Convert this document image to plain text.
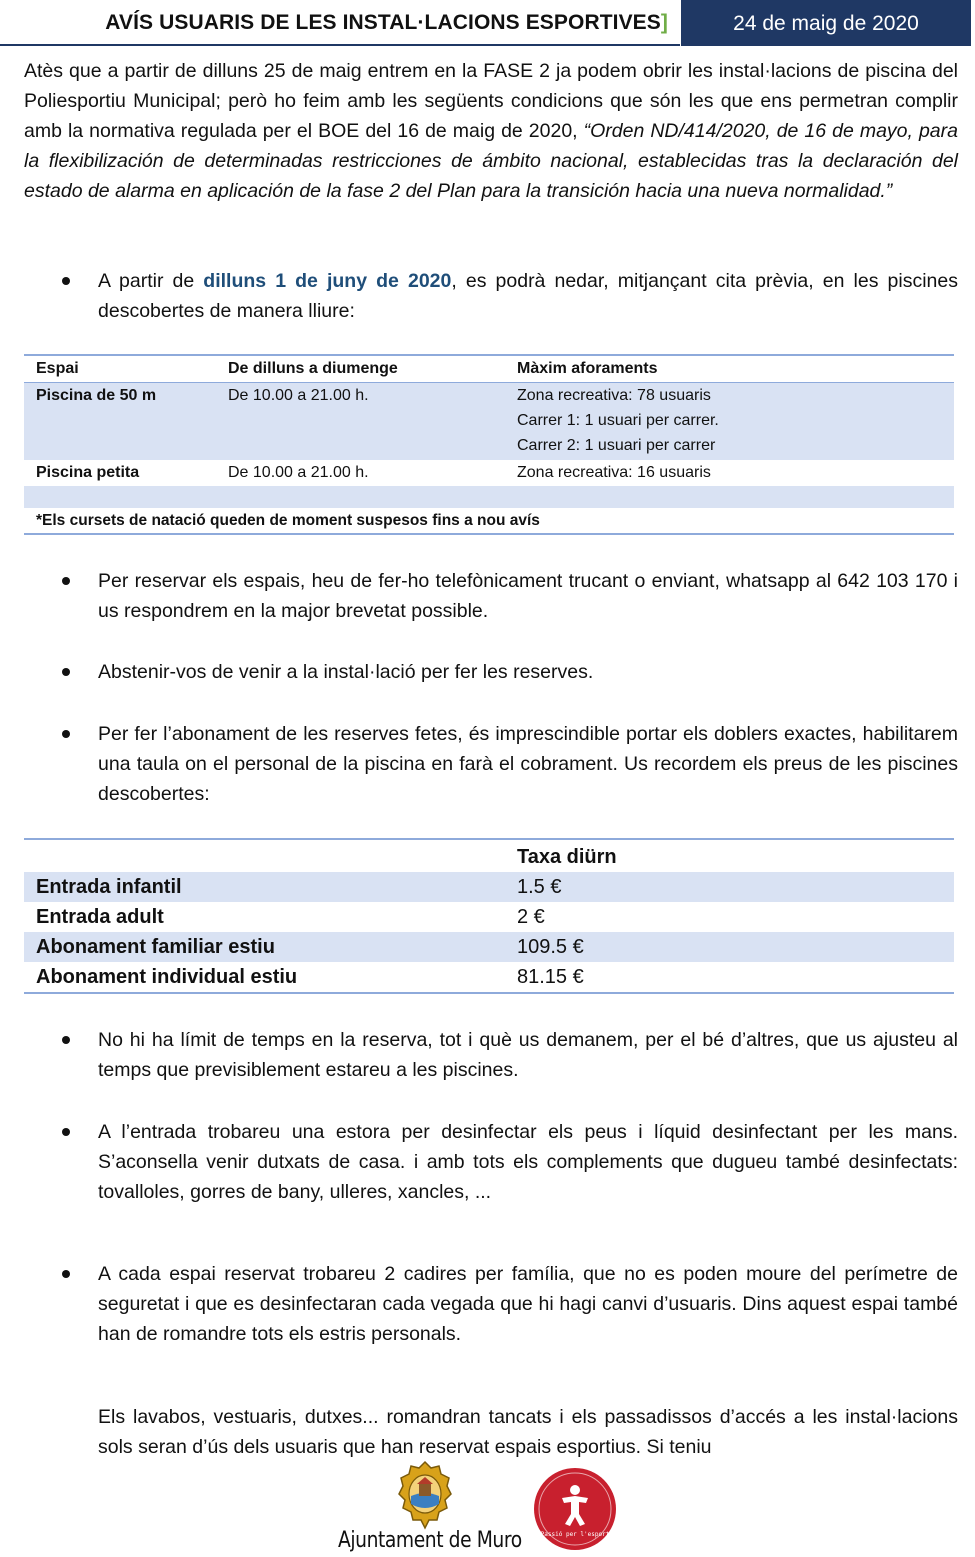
AVÍS USUARIS DE LES INSTAL·LACIONS ESPORTIVES]	24 de maig de 2020

Atès que a partir de dilluns 25 de maig entrem en la FASE 2 ja podem obrir les instal·lacions de piscina del Poliesportiu Municipal; però ho feim amb les següents condicions que són les que ens permetran complir amb la normativa regulada per el BOE del 16 de maig de 2020, “Orden ND/414/2020, de 16 de mayo, para la flexibilización de determinadas restricciones de ámbito nacional, establecidas tras la declaración del estado de alarma en aplicación de la fase 2 del Plan para la transición hacia una nueva normalidad.”

A partir de dilluns 1 de juny de 2020, es podrà nedar, mitjançant cita prèvia, en les piscines descobertes de manera lliure:
Espai	De dilluns a diumenge	Màxim aforaments
Piscina de 50 m	De 10.00 a 21.00 h.	Zona recreativa: 78 usuaris
Carrer 1: 1 usuari per carrer.
Carrer 2: 1 usuari per carrer
Piscina petita	De 10.00 a 21.00 h.	Zona recreativa: 16 usuaris
*Els cursets de natació queden de moment suspesos fins a nou avís
Per reservar els espais, heu de fer-ho telefònicament trucant o enviant, whatsapp al 642 103 170 i us respondrem en la major brevetat possible.
Abstenir-vos de venir a la instal·lació per fer les reserves.
Per fer l’abonament de les reserves fetes, és imprescindible portar els doblers exactes, habilitarem una taula on el personal de la piscina en farà el cobrament. Us recordem els preus de les piscines descobertes:
Taxa diürn
Entrada infantil	1.5 €
Entrada adult	2 €
Abonament familiar estiu	109.5 €
Abonament individual estiu	81.15 €
No hi ha límit de temps en la reserva, tot i què us demanem, per el bé d’altres, que us ajusteu al temps que previsiblement estareu a les piscines.
A l’entrada trobareu una estora per desinfectar els peus i líquid desinfectant per les mans. S’aconsella venir dutxats de casa. i amb tots els complements que dugueu també desinfectats: tovalloles, gorres de bany, ulleres, xancles, ...
A cada espai reservat trobareu 2 cadires per família, que no es poden moure del perímetre de seguretat i que es desinfectaran cada vegada que hi hagi canvi d’usuaris. Dins aquest espai també han de romandre tots els estris personals.
Els lavabos, vestuaris, dutxes... romandran tancats i els passadissos d’accés a les instal·lacions sols seran d’ús dels usuaris que han reservat espais esportius. Si teniu
Ajuntament de Muro	Passió per l'esport
